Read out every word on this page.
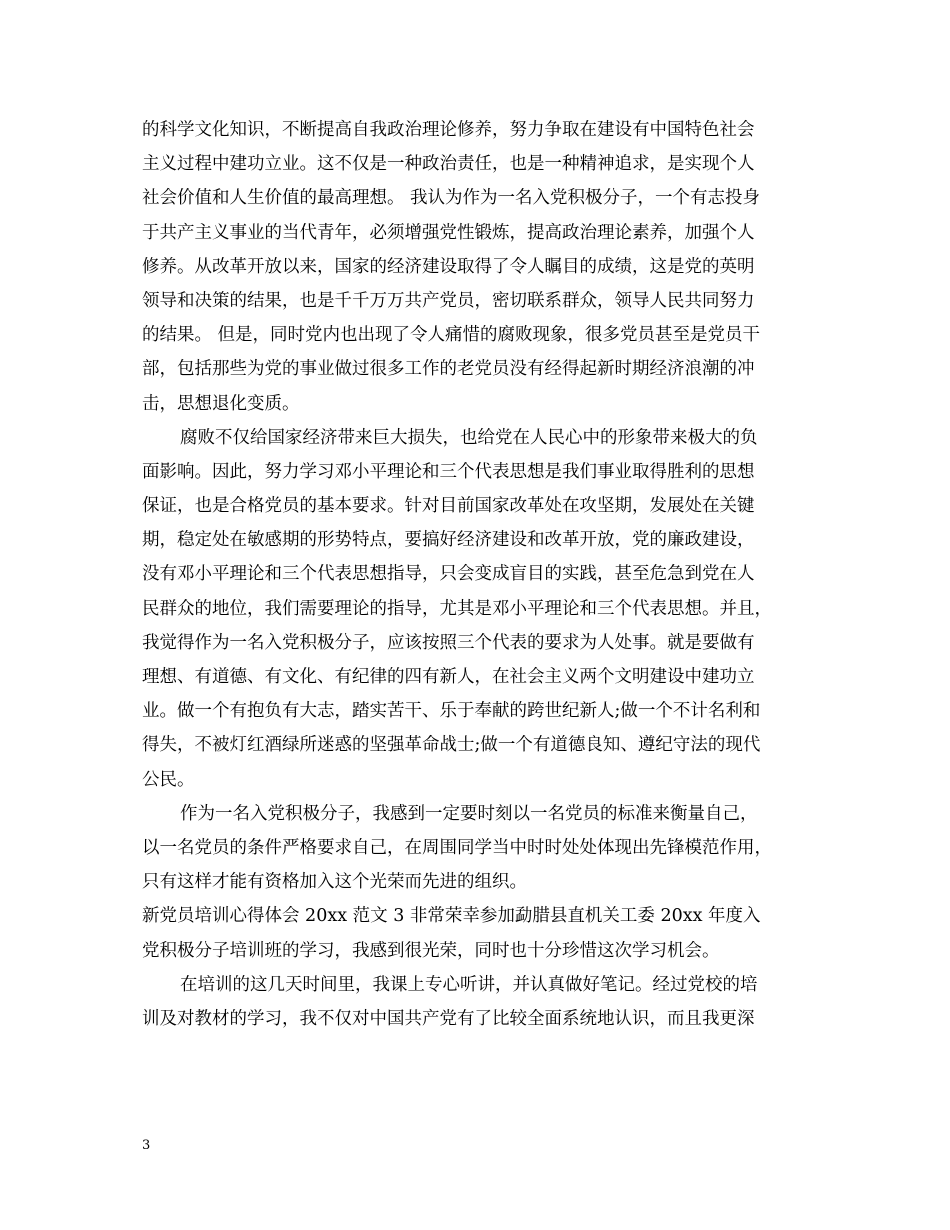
的科学文化知识，不断提高自我政治理论修养，努力争取在建设有中国特色社会
主义过程中建功立业。这不仅是一种政治责任，也是一种精神追求，是实现个人
社会价值和人生价值的最高理想。 我认为作为一名入党积极分子，一个有志投身
于共产主义事业的当代青年，必须增强党性锻炼，提高政治理论素养，加强个人
修养。从改革开放以来，国家的经济建设取得了令人瞩目的成绩，这是党的英明
领导和决策的结果，也是千千万万共产党员，密切联系群众，领导人民共同努力
的结果。 但是，同时党内也出现了令人痛惜的腐败现象，很多党员甚至是党员干
部，包括那些为党的事业做过很多工作的老党员没有经得起新时期经济浪潮的冲
击，思想退化变质。
腐败不仅给国家经济带来巨大损失，也给党在人民心中的形象带来极大的负
面影响。因此，努力学习邓小平理论和三个代表思想是我们事业取得胜利的思想
保证，也是合格党员的基本要求。针对目前国家改革处在攻坚期，发展处在关键
期，稳定处在敏感期的形势特点，要搞好经济建设和改革开放，党的廉政建设，
没有邓小平理论和三个代表思想指导，只会变成盲目的实践，甚至危急到党在人
民群众的地位，我们需要理论的指导，尤其是邓小平理论和三个代表思想。并且，
我觉得作为一名入党积极分子，应该按照三个代表的要求为人处事。就是要做有
理想、有道德、有文化、有纪律的四有新人，在社会主义两个文明建设中建功立
业。做一个有抱负有大志，踏实苦干、乐于奉献的跨世纪新人;做一个不计名利和
得失，不被灯红酒绿所迷惑的坚强革命战士;做一个有道德良知、遵纪守法的现代
公民。
作为一名入党积极分子，我感到一定要时刻以一名党员的标准来衡量自己，
以一名党员的条件严格要求自己，在周围同学当中时时处处体现出先锋模范作用，
只有这样才能有资格加入这个光荣而先进的组织。
新党员培训心得体会 20xx 范文 3 非常荣幸参加勐腊县直机关工委 20xx 年度入
党积极分子培训班的学习，我感到很光荣，同时也十分珍惜这次学习机会。
在培训的这几天时间里，我课上专心听讲，并认真做好笔记。经过党校的培
训及对教材的学习，我不仅对中国共产党有了比较全面系统地认识，而且我更深
3
